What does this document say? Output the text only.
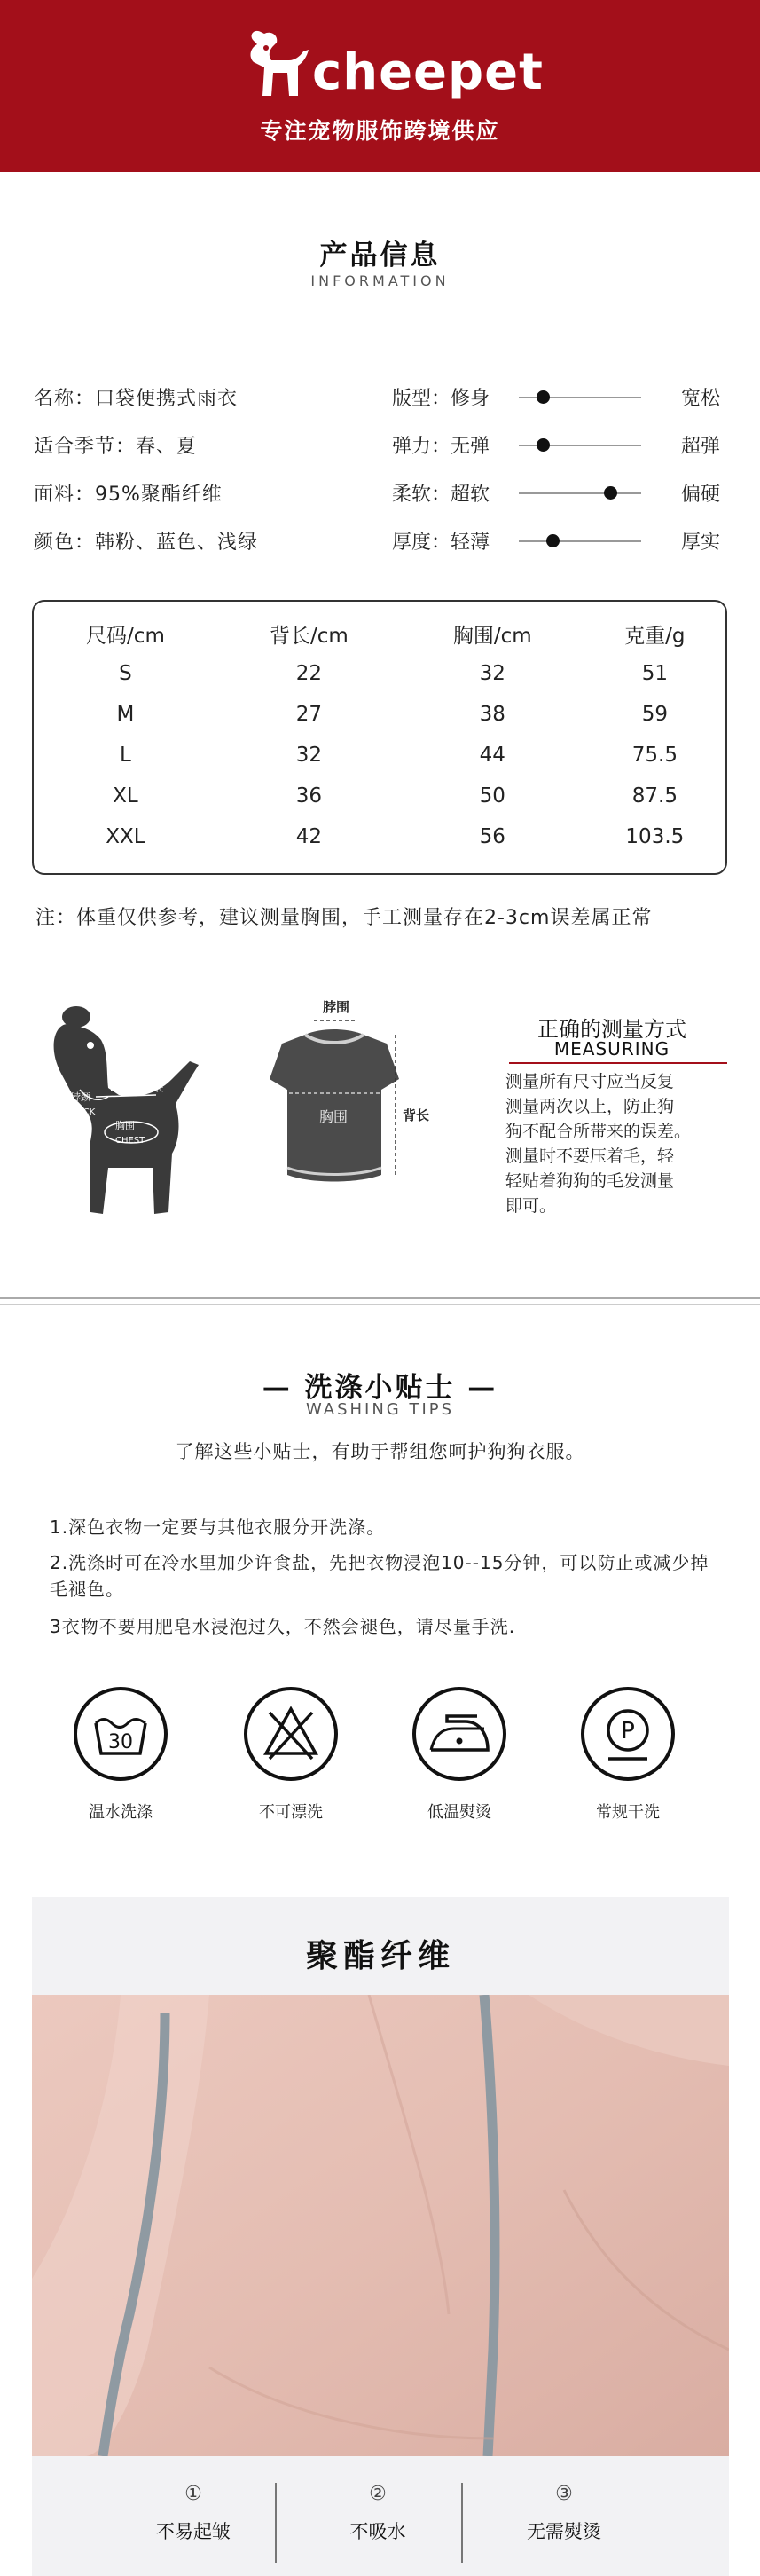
cheepet
专注宠物服饰跨境供应
产品信息
INFORMATION
名称：口袋便携式雨衣
适合季节：春、夏
面料：95%聚酯纤维
颜色：韩粉、蓝色、浅绿
版型：修身	宽松
弹力：无弹	超弹
柔软：超软	偏硬
厚度：轻薄	厚实
尺码/cm	背长/cm	胸围/cm	克重/g
S	22	32	51
M	27	38	59
L	32	44	75.5
XL	36	50	87.5
XXL	42	56	103.5
注：体重仅供参考，建议测量胸围，手工测量存在2-3cm误差属正常
LENGTH背长
脖颈
NECK
胸围
CHEST
脖围
胸围	背长
正确的测量方式
MEASURING
测量所有尺寸应当反复
测量两次以上，防止狗
狗不配合所带来的误差。
测量时不要压着毛，轻
轻贴着狗狗的毛发测量
即可。
— 洗涤小贴士 —
WASHING TIPS
了解这些小贴士，有助于帮组您呵护狗狗衣服。
1.深色衣物一定要与其他衣服分开洗涤。
2.洗涤时可在冷水里加少许食盐，先把衣物浸泡10--15分钟，可以防止或减少掉毛褪色。
3衣物不要用肥皂水浸泡过久，不然会褪色，请尽量手洗.
30	P
温水洗涤	不可漂洗	低温熨烫	常规干洗
聚酯纤维
①
不易起皱
②
不吸水
③
无需熨烫
